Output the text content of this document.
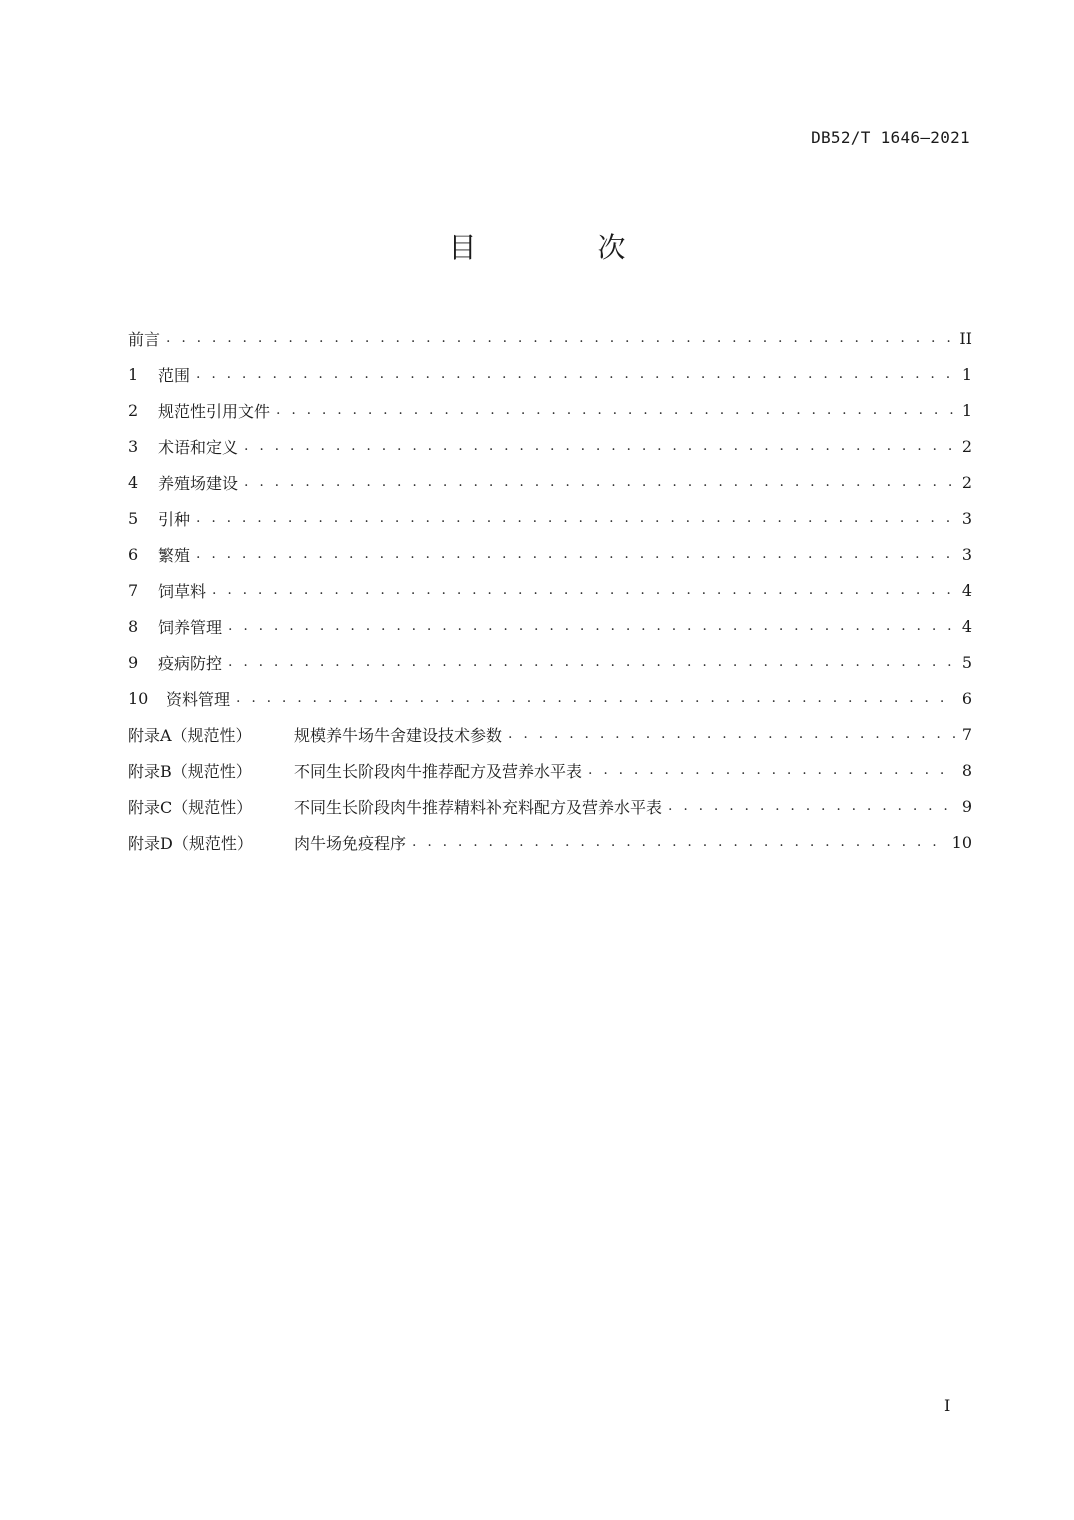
DB52/T 1646—2021
目 次
前言 . . .	II
1	范围 . . .	1
2	规范性引用文件 . . .	1
3	术语和定义 . . .	2
4	养殖场建设 . . .	2
5	引种 . . .	3
6	繁殖 . . .	3
7	饲草料 . . .	4
8	饲养管理 . . .	4
9	疫病防控 . . .	5
10	资料管理 . . .	6
附录A（规范性）	规模养牛场牛舍建设技术参数 . . .	7
附录B（规范性）	不同生长阶段肉牛推荐配方及营养水平表 . . .	8
附录C（规范性）	不同生长阶段肉牛推荐精料补充料配方及营养水平表 . . .	9
附录D（规范性）	肉牛场免疫程序 . . .	10
I
